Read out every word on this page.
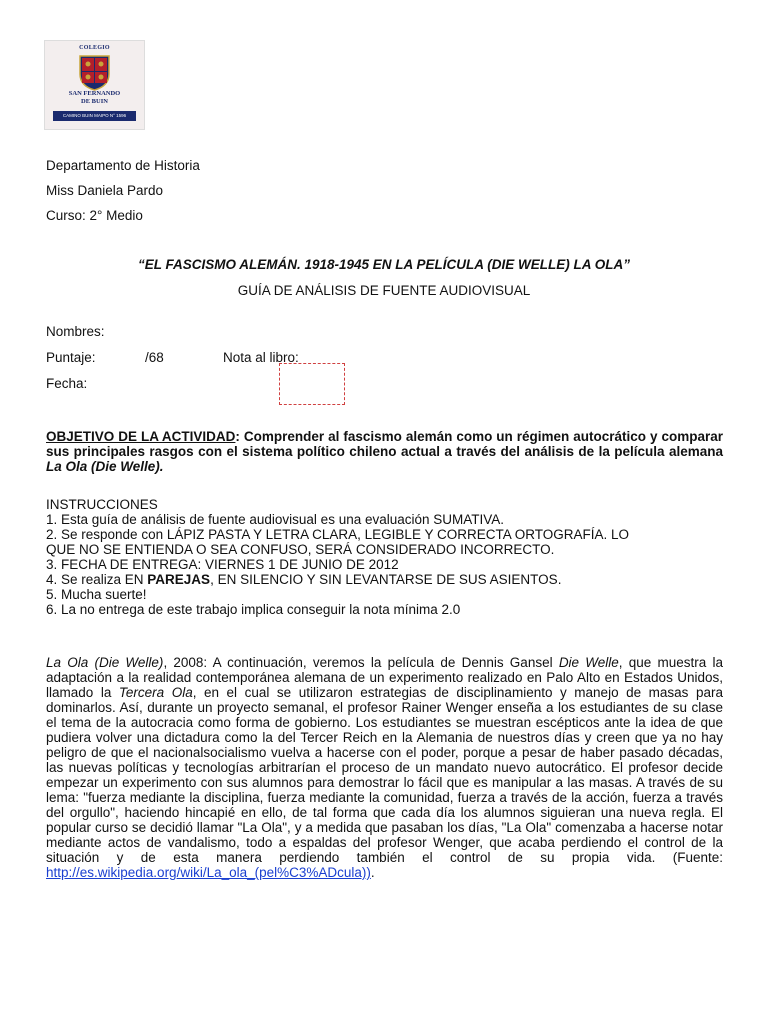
COLEGIO
SAN FERNANDO
DE BUIN
CAMINO BUIN MAIPO N° 1596
Departamento de Historia
Miss Daniela Pardo
Curso: 2° Medio
“EL FASCISMO ALEMÁN. 1918-1945 EN LA PELÍCULA (DIE WELLE) LA OLA”
GUÍA DE ANÁLISIS DE FUENTE AUDIOVISUAL
Nombres:
Puntaje:	/68	Nota al libro:
Fecha:
OBJETIVO DE LA ACTIVIDAD: Comprender al fascismo alemán como un régimen autocrático y comparar sus principales rasgos con el sistema político chileno actual a través del análisis de la película alemana La Ola (Die Welle).
INSTRUCCIONES
1. Esta guía de análisis de fuente audiovisual es una evaluación SUMATIVA.
2. Se responde con LÁPIZ PASTA Y LETRA CLARA, LEGIBLE Y CORRECTA ORTOGRAFÍA. LO
QUE NO SE ENTIENDA O SEA CONFUSO, SERÁ CONSIDERADO INCORRECTO.
3. FECHA DE ENTREGA: VIERNES 1 DE JUNIO DE 2012
4. Se realiza EN PAREJAS, EN SILENCIO Y SIN LEVANTARSE DE SUS ASIENTOS.
5. Mucha suerte!
6. La no entrega de este trabajo implica conseguir la nota mínima 2.0
La Ola (Die Welle), 2008: A continuación, veremos la película de Dennis Gansel Die Welle, que muestra la adaptación a la realidad contemporánea alemana de un experimento realizado en Palo Alto en Estados Unidos, llamado la Tercera Ola, en el cual se utilizaron estrategias de disciplinamiento y manejo de masas para dominarlos. Así, durante un proyecto semanal, el profesor Rainer Wenger enseña a los estudiantes de su clase el tema de la autocracia como forma de gobierno. Los estudiantes se muestran escépticos ante la idea de que pudiera volver una dictadura como la del Tercer Reich en la Alemania de nuestros días y creen que ya no hay peligro de que el nacionalsocialismo vuelva a hacerse con el poder, porque a pesar de haber pasado décadas, las nuevas políticas y tecnologías arbitrarían el proceso de un mandato nuevo autocrático. El profesor decide empezar un experimento con sus alumnos para demostrar lo fácil que es manipular a las masas. A través de su lema: "fuerza mediante la disciplina, fuerza mediante la comunidad, fuerza a través de la acción, fuerza a través del orgullo", haciendo hincapié en ello, de tal forma que cada día los alumnos siguieran una nueva regla. El popular curso se decidió llamar "La Ola", y a medida que pasaban los días, "La Ola" comenzaba a hacerse notar mediante actos de vandalismo, todo a espaldas del profesor Wenger, que acaba perdiendo el control de la situación y de esta manera perdiendo también el control de su propia vida. (Fuente: http://es.wikipedia.org/wiki/La_ola_(pel%C3%ADcula)).
